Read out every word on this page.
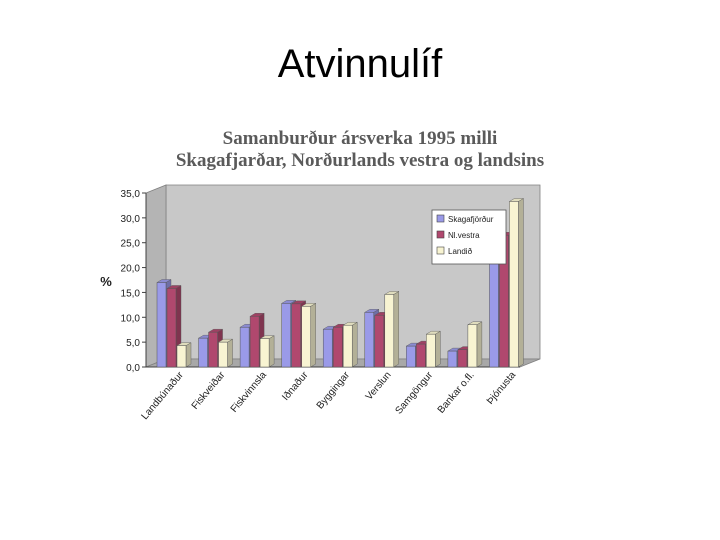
Atvinnulíf
Samanburður ársverka 1995 milli
Skagafjarðar, Norðurlands vestra og landsins
0,0
5,0
10,0
15,0
20,0
25,0
30,0
35,0
%
Landbúnaður Fiskveiðar Fiskvinnsla Iðnaður Byggingar Verslun Samgöngur Bankar o.fl. Þjónusta
Skagafjörður
Nl.vestra
Landið
